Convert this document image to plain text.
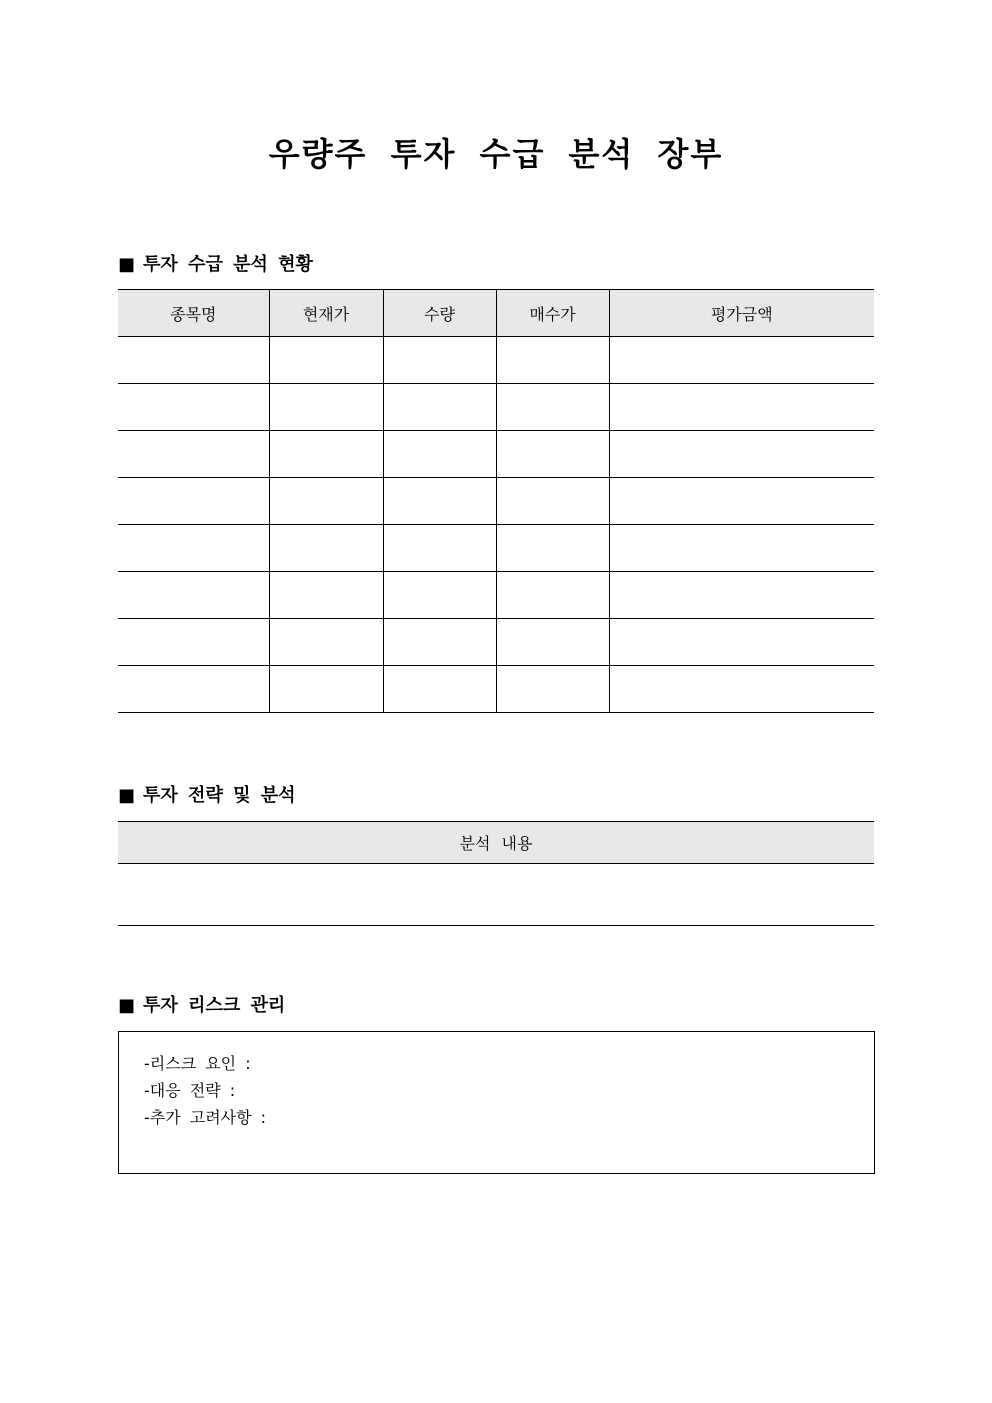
우량주 투자 수급 분석 장부
■ 투자 수급 분석 현황
종목명	현재가	수량	매수가	평가금액

■ 투자 전략 및 분석
분석 내용

■ 투자 리스크 관리
-리스크 요인 :
-대응 전략 :
-추가 고려사항 :
